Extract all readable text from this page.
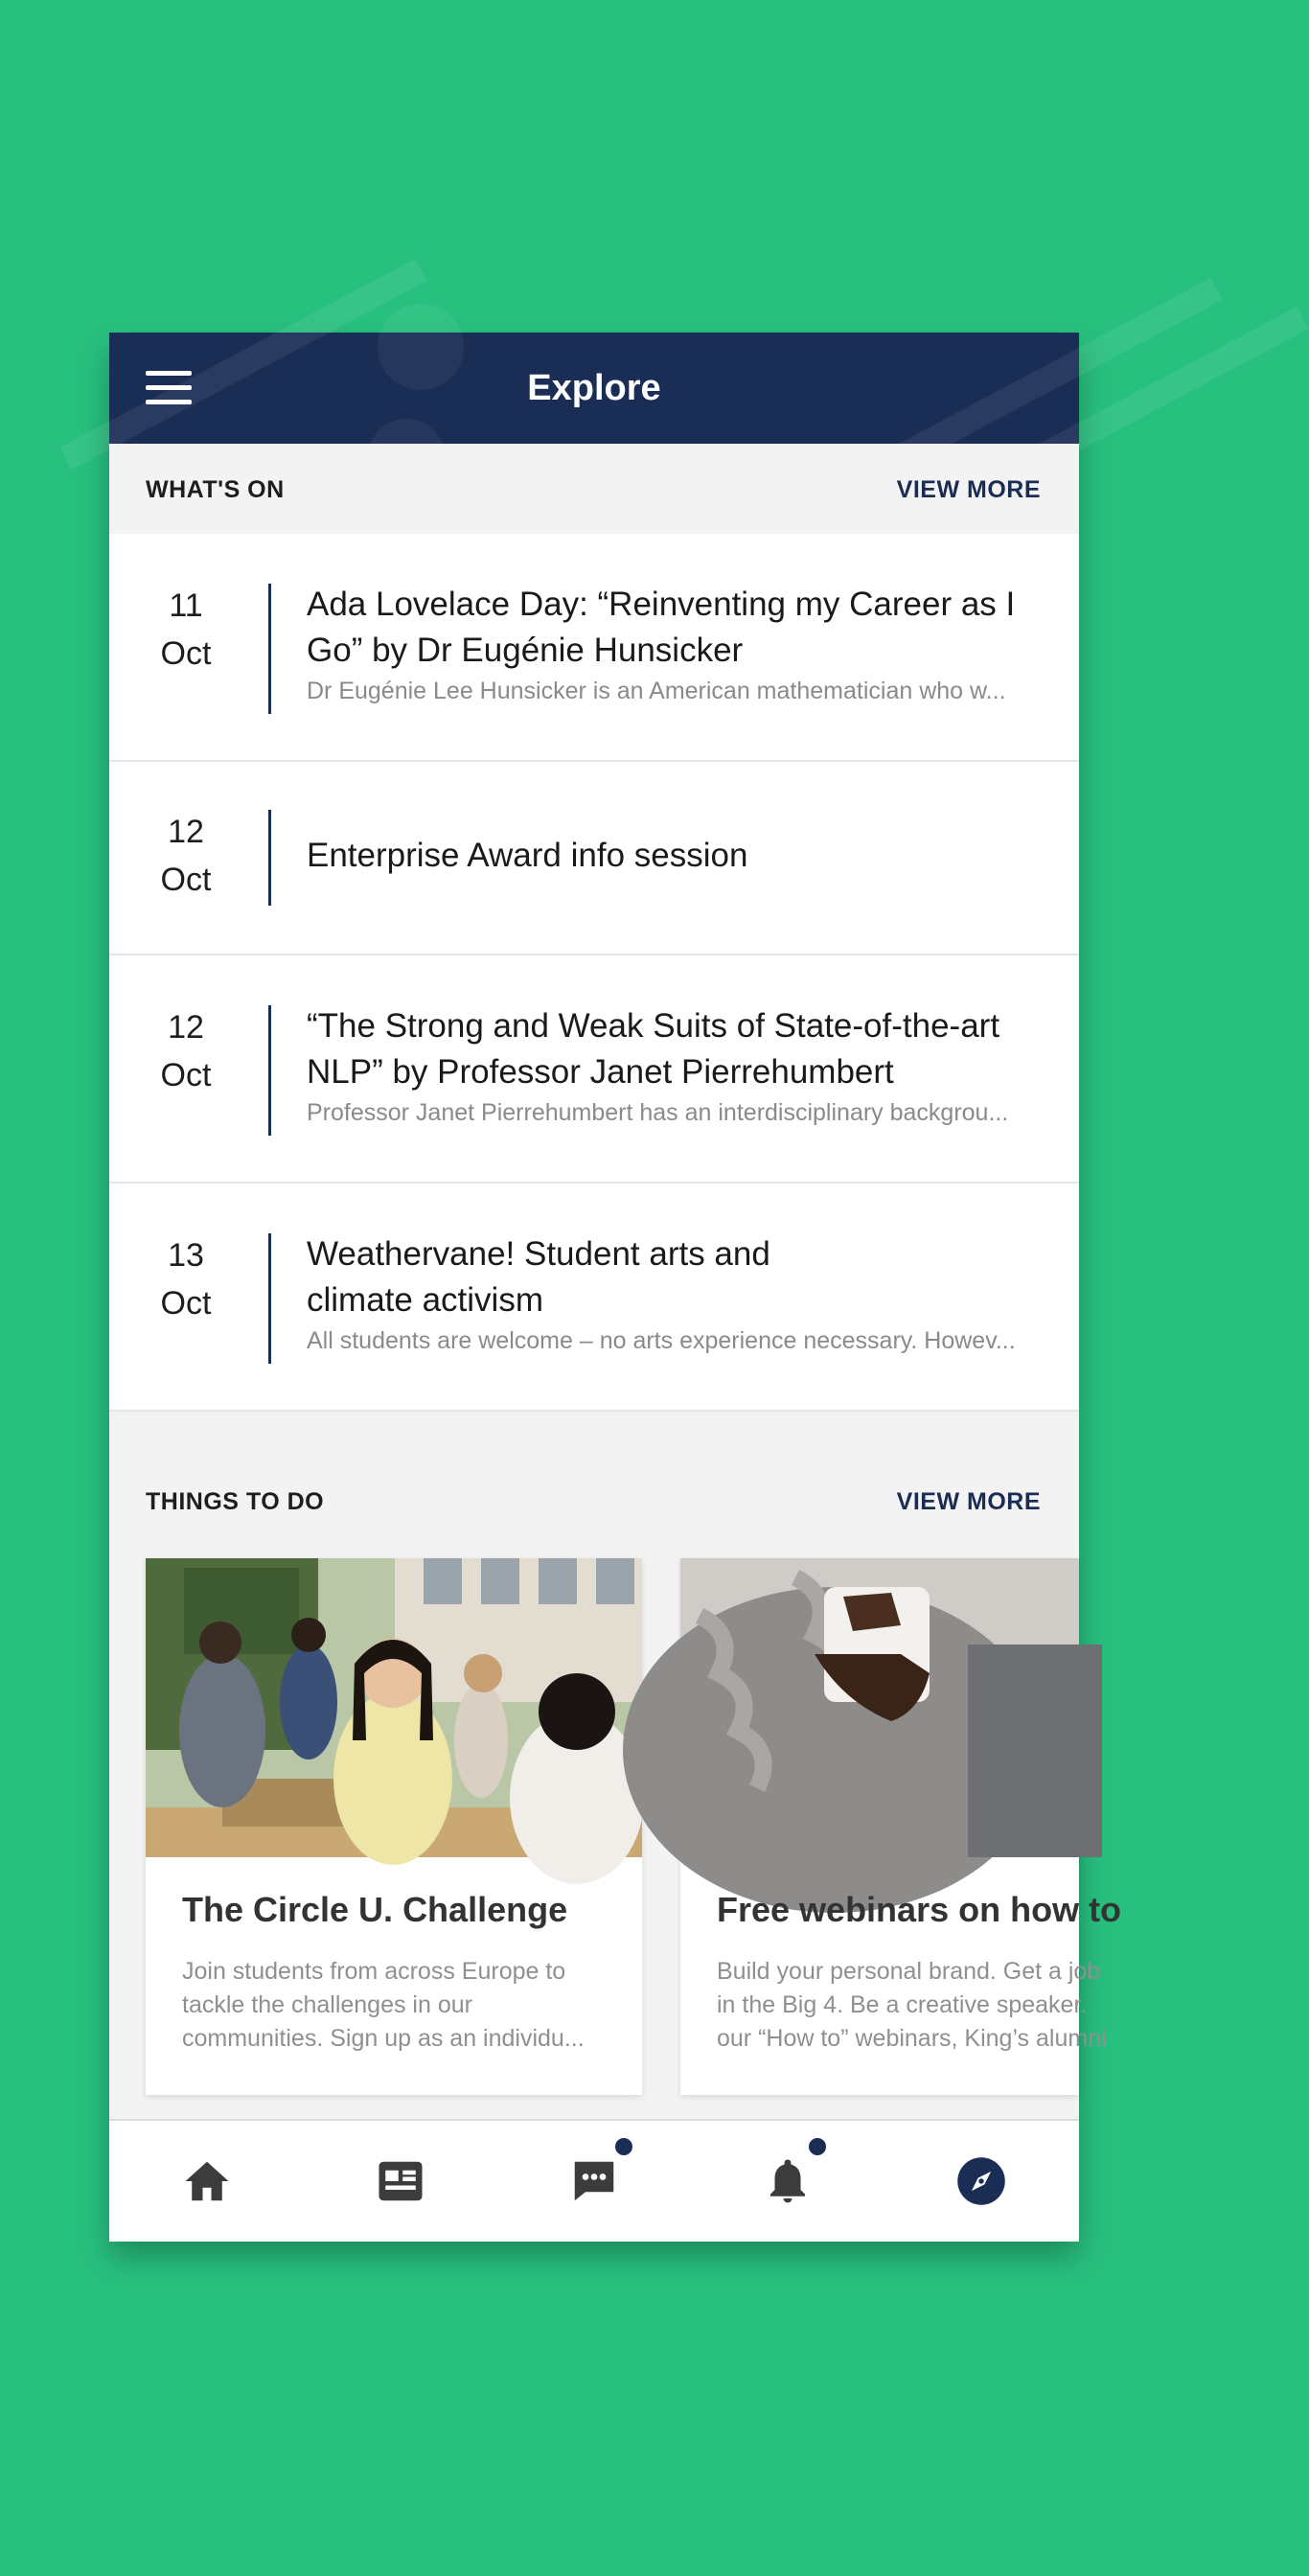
Explore
WHAT'S ON	VIEW MORE
11
Oct
Ada Lovelace Day: “Reinventing my Career as I Go” by Dr Eugénie Hunsicker
Dr Eugénie Lee Hunsicker is an American mathematician who w...
12
Oct
Enterprise Award info session
12
Oct
“The Strong and Weak Suits of State-of-the-art NLP” by Professor Janet Pierrehumbert
Professor Janet Pierrehumbert has an interdisciplinary backgrou...
13
Oct
Weathervane! Student arts and climate activism
All students are welcome – no arts experience necessary. Howev...
THINGS TO DO	VIEW MORE
The Circle U. Challenge
Join students from across Europe to
tackle the challenges in our
communities. Sign up as an individu...
Free webinars on how to
Build your personal brand. Get a job
in the Big 4. Be a creative speaker.
our “How to” webinars, King’s alumni
